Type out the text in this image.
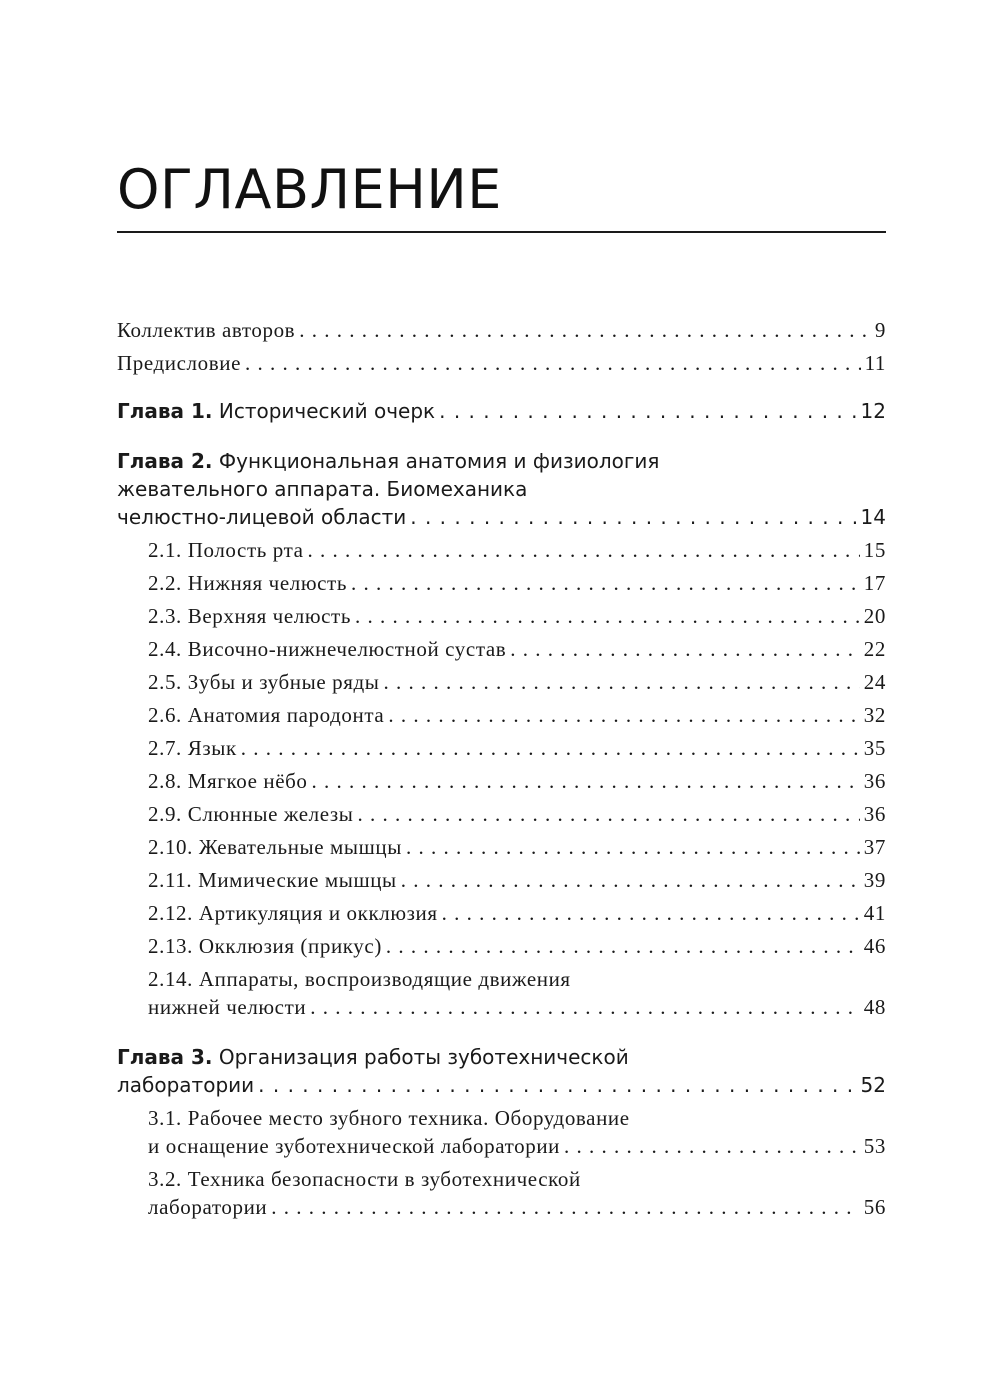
ОГЛАВЛЕНИЕ
Коллектив авторов . . .	9
Предисловие . . .	11
Глава 1. Исторический очерк . . .	12
Глава 2. Функциональная анатомия и физиология
жевательного аппарата. Биомеханика
челюстно-лицевой области . . .	14
2.1. Полость рта . . .	15
2.2. Нижняя челюсть . . .	17
2.3. Верхняя челюсть . . .	20
2.4. Височно-нижнечелюстной сустав . . .	22
2.5. Зубы и зубные ряды . . .	24
2.6. Анатомия пародонта . . .	32
2.7. Язык . . .	35
2.8. Мягкое нёбо . . .	36
2.9. Слюнные железы . . .	36
2.10. Жевательные мышцы . . .	37
2.11. Мимические мышцы . . .	39
2.12. Артикуляция и окклюзия . . .	41
2.13. Окклюзия (прикус) . . .	46
2.14. Аппараты, воспроизводящие движения
нижней челюсти . . .	48
Глава 3. Организация работы зуботехнической
лаборатории . . .	52
3.1. Рабочее место зубного техника. Оборудование
и оснащение зуботехнической лаборатории . . .	53
3.2. Техника безопасности в зуботехнической
лаборатории . . .	56
